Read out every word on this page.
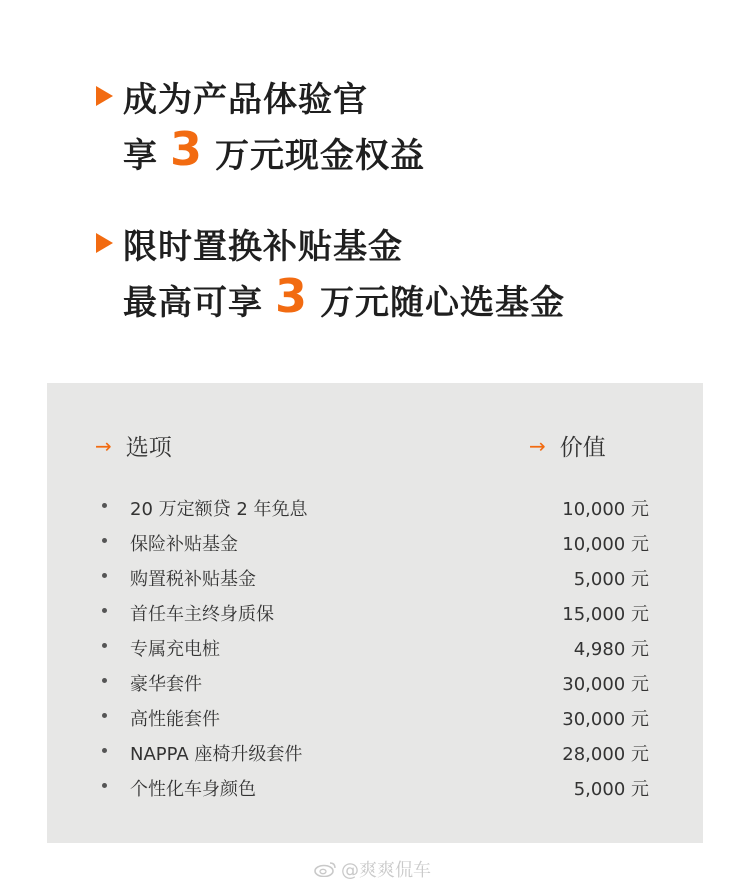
成为产品体验官
享 3 万元现金权益
限时置换补贴基金
最高可享 3 万元随心选基金
→ 选项	→ 价值
20 万定额贷 2 年免息	10,000 元
保险补贴基金	10,000 元
购置税补贴基金	5,000 元
首任车主终身质保	15,000 元
专属充电桩	4,980 元
豪华套件	30,000 元
高性能套件	30,000 元
NAPPA 座椅升级套件	28,000 元
个性化车身颜色	5,000 元
@爽爽侃车
